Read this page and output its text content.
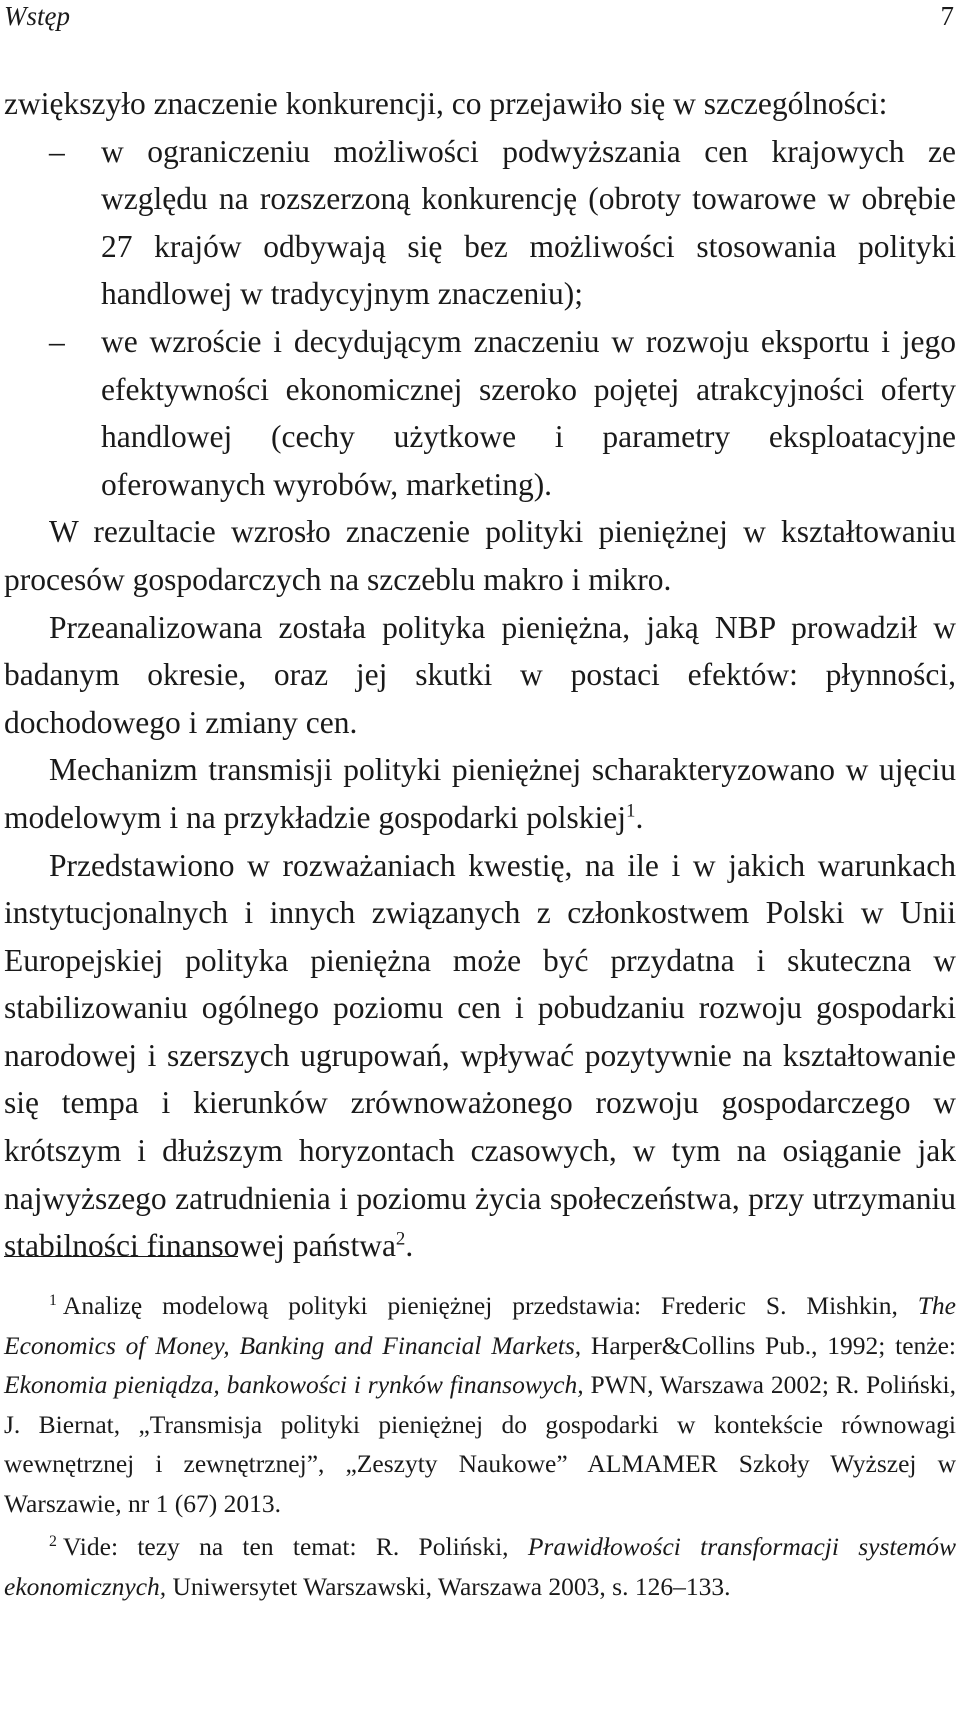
Wstęp	7

zwiększyło znaczenie konkurencji, co przejawiło się w szczególności:

– w ograniczeniu możliwości podwyższania cen krajowych ze względu na rozszerzoną konkurencję (obroty towarowe w obrębie 27 krajów odbywają się bez możliwości stosowania polityki handlowej w tradycyjnym znaczeniu);
– we wzroście i decydującym znaczeniu w rozwoju eksportu i jego efektywności ekonomicznej szeroko pojętej atrakcyjności oferty handlowej (cechy użytkowe i parametry eksploatacyjne oferowanych wyrobów, marketing).

W rezultacie wzrosło znaczenie polityki pieniężnej w kształtowaniu procesów gospodarczych na szczeblu makro i mikro.

Przeanalizowana została polityka pieniężna, jaką NBP prowadził w badanym okresie, oraz jej skutki w postaci efektów: płynności, dochodowego i zmiany cen.

Mechanizm transmisji polityki pieniężnej scharakteryzowano w ujęciu modelowym i na przykładzie gospodarki polskiej$^1$.

Przedstawiono w rozważaniach kwestię, na ile i w jakich warunkach instytucjonalnych i innych związanych z członkostwem Polski w Unii Europejskiej polityka pieniężna może być przydatna i skuteczna w stabilizowaniu ogólnego poziomu cen i pobudzaniu rozwoju gospodarki narodowej i szerszych ugrupowań, wpływać pozytywnie na kształtowanie się tempa i kierunków zrównoważonego rozwoju gospodarczego w krótszym i dłuższym horyzontach czasowych, w tym na osiąganie jak najwyższego zatrudnienia i poziomu życia społeczeństwa, przy utrzymaniu stabilności finansowej państwa$^2$.

$^1$ Analizę modelową polityki pieniężnej przedstawia: Frederic S. Mishkin, The Economics of Money, Banking and Financial Markets, Harper&Collins Pub., 1992; tenże: Ekonomia pieniądza, bankowości i rynków finansowych, PWN, Warszawa 2002; R. Poliński, J. Biernat, „Transmisja polityki pieniężnej do gospodarki w kontekście równowagi wewnętrznej i zewnętrznej”, „Zeszyty Naukowe” ALMAMER Szkoły Wyższej w Warszawie, nr 1 (67) 2013.

$^2$ Vide: tezy na ten temat: R. Poliński, Prawidłowości transformacji systemów ekonomicznych, Uniwersytet Warszawski, Warszawa 2003, s. 126–133.
